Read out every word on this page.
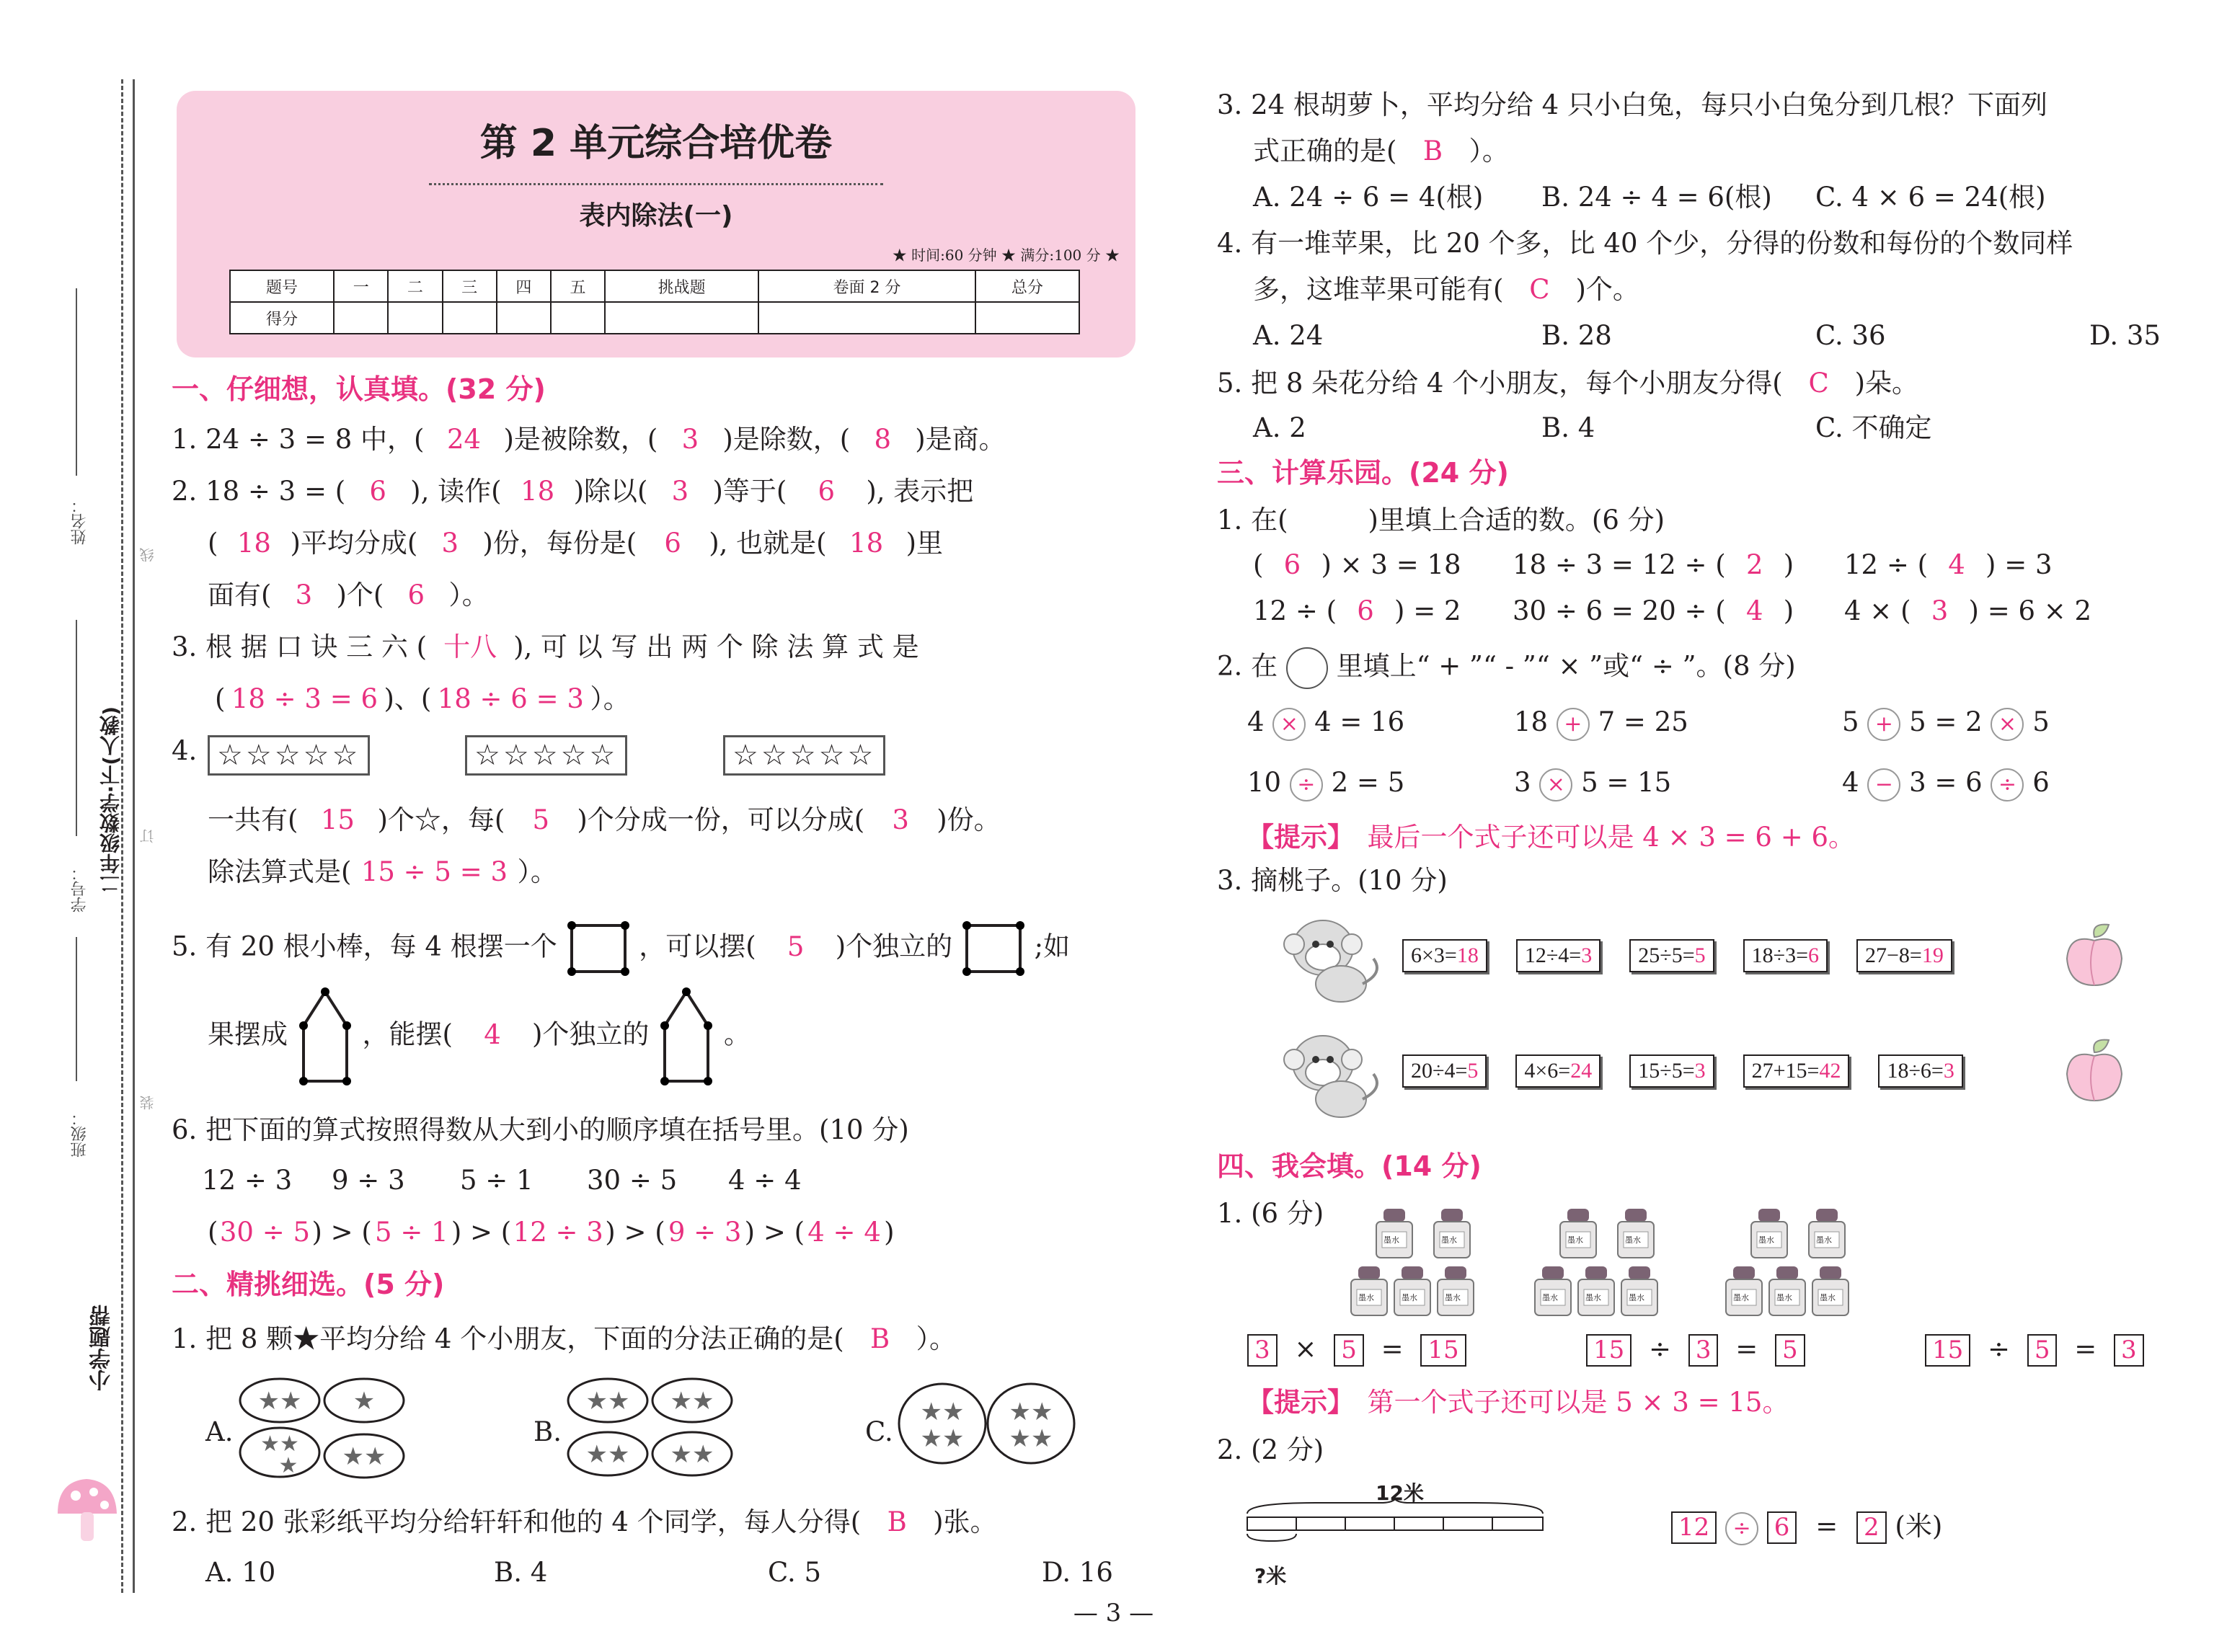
姓名：
学号： 二年级数学·下(人教)
班级：
线
订
装
小学题帮
第 2 单元综合培优卷
表内除法(一)
★ 时间:60 分钟 ★ 满分:100 分 ★
题号	一	二	三	四	五	挑战题	卷面 2 分	总分
得分								
一、仔细想，认真填。(32 分)
1. 24 ÷ 3 = 8 中，( 24 )是被除数，( 3 )是除数，( 8 )是商。
2. 18 ÷ 3 = ( 6 ), 读作( 18 )除以( 3 )等于( 6 ), 表示把
( 18 )平均分成( 3 )份，每份是( 6 ), 也就是( 18 )里
面有( 3 )个( 6 ）。
3. 根 据 口 诀 三 六 ( 十八 ), 可 以 写 出 两 个 除 法 算 式 是
( 18 ÷ 3 = 6 )、( 18 ÷ 6 = 3 ）。
4. ☆☆☆☆☆	☆☆☆☆☆	☆☆☆☆☆
一共有( 15 )个☆，每( 5 )个分成一份，可以分成( 3 )份。
除法算式是( 15 ÷ 5 = 3 ）。
5. 有 20 根小棒，每 4 根摆一个	，可以摆( 5 )个独立的	;如
果摆成	，能摆( 4 )个独立的	。
6. 把下面的算式按照得数从大到小的顺序填在括号里。(10 分)
12 ÷ 3 9 ÷ 3 5 ÷ 1 30 ÷ 5 4 ÷ 4
(30 ÷ 5) > ( 5 ÷ 1 ) > (12 ÷ 3) > ( 9 ÷ 3 ) > ( 4 ÷ 4 )
二、精挑细选。(5 分)
1. 把 8 颗★平均分给 4 个小朋友，下面的分法正确的是( B ）。
A.
★★ ★
★★
★ ★★
B.
★★ ★★
★★ ★★
C.
★★
★★
★★
★★
2. 把 20 张彩纸平均分给轩轩和他的 4 个同学，每人分得( B )张。
A. 10	B. 4	C. 5	D. 16
3. 24 根胡萝卜，平均分给 4 只小白兔，每只小白兔分到几根？下面列
式正确的是( B ）。
A. 24 ÷ 6 = 4(根) B. 24 ÷ 4 = 6(根) C. 4 × 6 = 24(根)
4. 有一堆苹果，比 20 个多，比 40 个少，分得的份数和每份的个数同样
多，这堆苹果可能有( C )个。
A. 24	B. 28	C. 36	D. 35
5. 把 8 朵花分给 4 个小朋友，每个小朋友分得( C )朵。
A. 2	B. 4	C. 不确定
三、计算乐园。(24 分)
1. 在(　　　)里填上合适的数。(6 分)
( 6 ) × 3 = 18 18 ÷ 3 = 12 ÷ ( 2 ) 12 ÷ ( 4 ) = 3
12 ÷ ( 6 ) = 2 30 ÷ 6 = 20 ÷ ( 4 ) 4 × ( 3 ) = 6 × 2
2. 在 里填上“ + ”“ - ”“ × ”或“ ÷ ”。(8 分)
4 × 4 = 16	18 + 7 = 25	5 + 5 = 2 × 5
10 ÷ 2 = 5	3 × 5 = 15	4 − 3 = 6 ÷ 6
【提示】　 最后一个式子还可以是 4 × 3 = 6 + 6。
3. 摘桃子。(10 分)
6×3=18	12÷4=3	25÷5=5	18÷3=6	27−8=19
20÷4=5	4×6=24	15÷5=3	27+15=42	18÷6=3
四、我会填。(14 分)
1. (6 分)
墨水	墨水
墨水	墨水	墨水
墨水	墨水
墨水	墨水	墨水
墨水	墨水
墨水	墨水	墨水
3 × 5 = 15	15 ÷ 3 = 5	15 ÷ 5 = 3
【提示】　 第一个式子还可以是 5 × 3 = 15。
2. (2 分)
12米
?米
12 ÷ 6 = 2 (米)
— 3 —
